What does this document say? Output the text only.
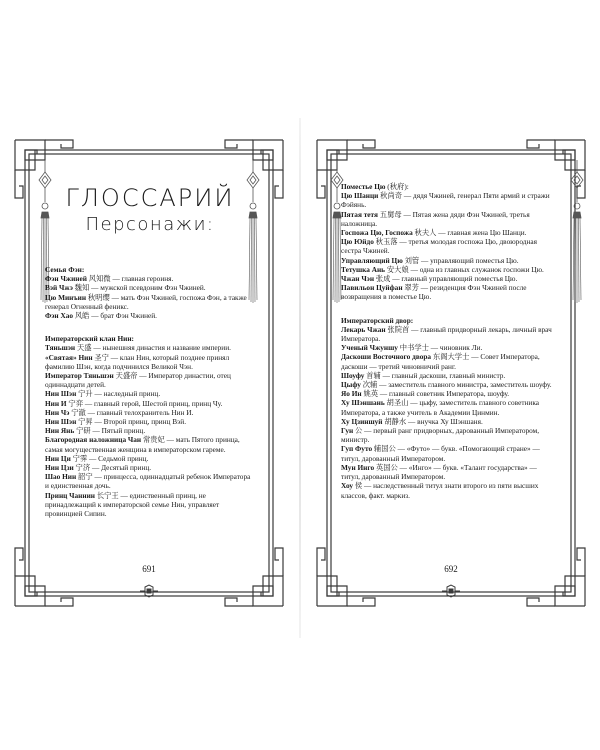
ГЛОССАРИЙ
Персонажи:
Семья Фэн:
Фэн Чжиней 风知微 — главная героиня.
Вэй Чжэ 魏知 — мужской псевдоним Фэн Чжиней.
Цю Минъин 秋明缨 — мать Фэн Чжиней, госпожа Фэн, а также генерал Огненный феникс.
Фэн Хао 风皓 — брат Фэн Чжиней.
Императорский клан Нин:
Тяньшэн 天盛 — нынешняя династия и название империи.
«Святая» Нин 圣宁 — клан Нин, который позднее принял фамилию Шэн, когда подчинился Великой Чэн.
Император Тяньшэн 天盛帝 — Император династии, отец одиннадцати детей.
Нин Шэн 宁升 — наследный принц.
Нин И 宁弈 — главный герой, Шестой принц, принц Чу.
Нин Чэ 宁澈 — главный телохранитель Нин И.
Нин Шэн 宁昇 — Второй принц, принц Вэй.
Нин Янь 宁研 — Пятый принц.
Благородная наложница Чан 常贵妃 — мать Пятого принца, самая могущественная женщина в императорском гареме.
Нин Ци 宁霁 — Седьмой принц.
Нин Цзи 宁济 — Десятый принц.
Шао Нин 韶宁 — принцесса, одиннадцатый ребенок Императора и единственная дочь.
Принц Чаннин 长宁王 — единственный принц, не принадлежащий к императорской семье Нин, управляет провинцией Сипин.
691
Поместье Цю (秋府):
Цю Шанци 秋尚奇 — дядя Чжиней, генерал Пяти армий и стражи Фэйянь.
Пятая тетя 五舅母 — Пятая жена дяди Фэн Чжиней, третья наложница.
Госпожа Цю, Госпожа 秋夫人 — главная жена Цю Шанци.
Цю Юйдо 秋玉落 — третья молодая госпожа Цю, двоюродная сестра Чжиней.
Управляющий Цю 刘管 — управляющий поместья Цю.
Тетушка Ань 安大娘 — одна из главных служанок госпожи Цю.
Чжан Чэн 张成 — главный управляющий поместья Цю.
Павильон Цуйфан 翠芳 — резиденция Фэн Чжиней после возвращения в поместье Цю.
Императорский двор:
Лекарь Чжан 张院首 — главный придворный лекарь, личный врач Императора.
Ученый Чжуншу 中书学士 — чиновник Ли.
Даскоши Восточного двора 东阁大学士 — Совет Императора, даскоши — третий чиновничий ранг.
Шоуфу 首辅 — главный даскоши, главный министр.
Цыфу 次辅 — заместитель главного министра, заместитель шоуфу.
Яо Ин 姚英 — главный советник Императора, шоуфу.
Ху Шэншань 胡圣山 — цыфу, заместитель главного советника Императора, а также учитель в Академии Цинмин.
Ху Цзиншуй 胡静水 — внучка Ху Шэншаня.
Гун 公 — первый ранг придворных, дарованный Императором, министр.
Гуп Футо 辅国公 — «Футо» — букв. «Помогающий стране» — титул, дарованный Императором.
Мун Инго 英国公 — «Инго» — букв. «Талант государства» — титул, дарованный Императором.
Хоу 侯 — наследственный титул знати второго из пяти высших классов, факт. маркиз.
692
